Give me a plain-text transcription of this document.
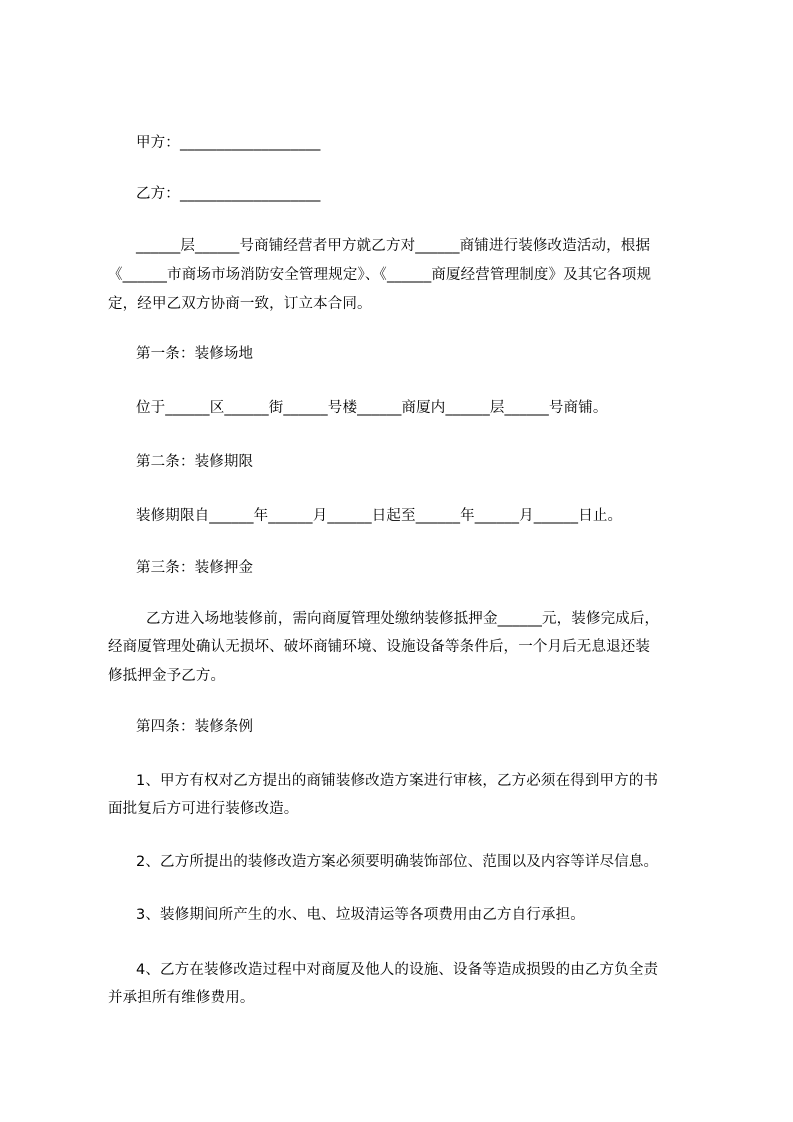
甲方：___________________
乙方：___________________
______层______号商铺经营者甲方就乙方对______商铺进行装修改造活动，根据
《______市商场市场消防安全管理规定》、《______商厦经营管理制度》及其它各项规
定，经甲乙双方协商一致，订立本合同。
第一条：装修场地
位于______区______街______号楼______商厦内______层______号商铺。
第二条：装修期限
装修期限自______年______月______日起至______年______月______日止。
第三条：装修押金
乙方进入场地装修前，需向商厦管理处缴纳装修抵押金______元，装修完成后，
经商厦管理处确认无损坏、破坏商铺环境、设施设备等条件后，一个月后无息退还装
修抵押金予乙方。
第四条：装修条例
1、甲方有权对乙方提出的商铺装修改造方案进行审核，乙方必须在得到甲方的书
面批复后方可进行装修改造。
2、乙方所提出的装修改造方案必须要明确装饰部位、范围以及内容等详尽信息。
3、装修期间所产生的水、电、垃圾清运等各项费用由乙方自行承担。
4、乙方在装修改造过程中对商厦及他人的设施、设备等造成损毁的由乙方负全责
并承担所有维修费用。
